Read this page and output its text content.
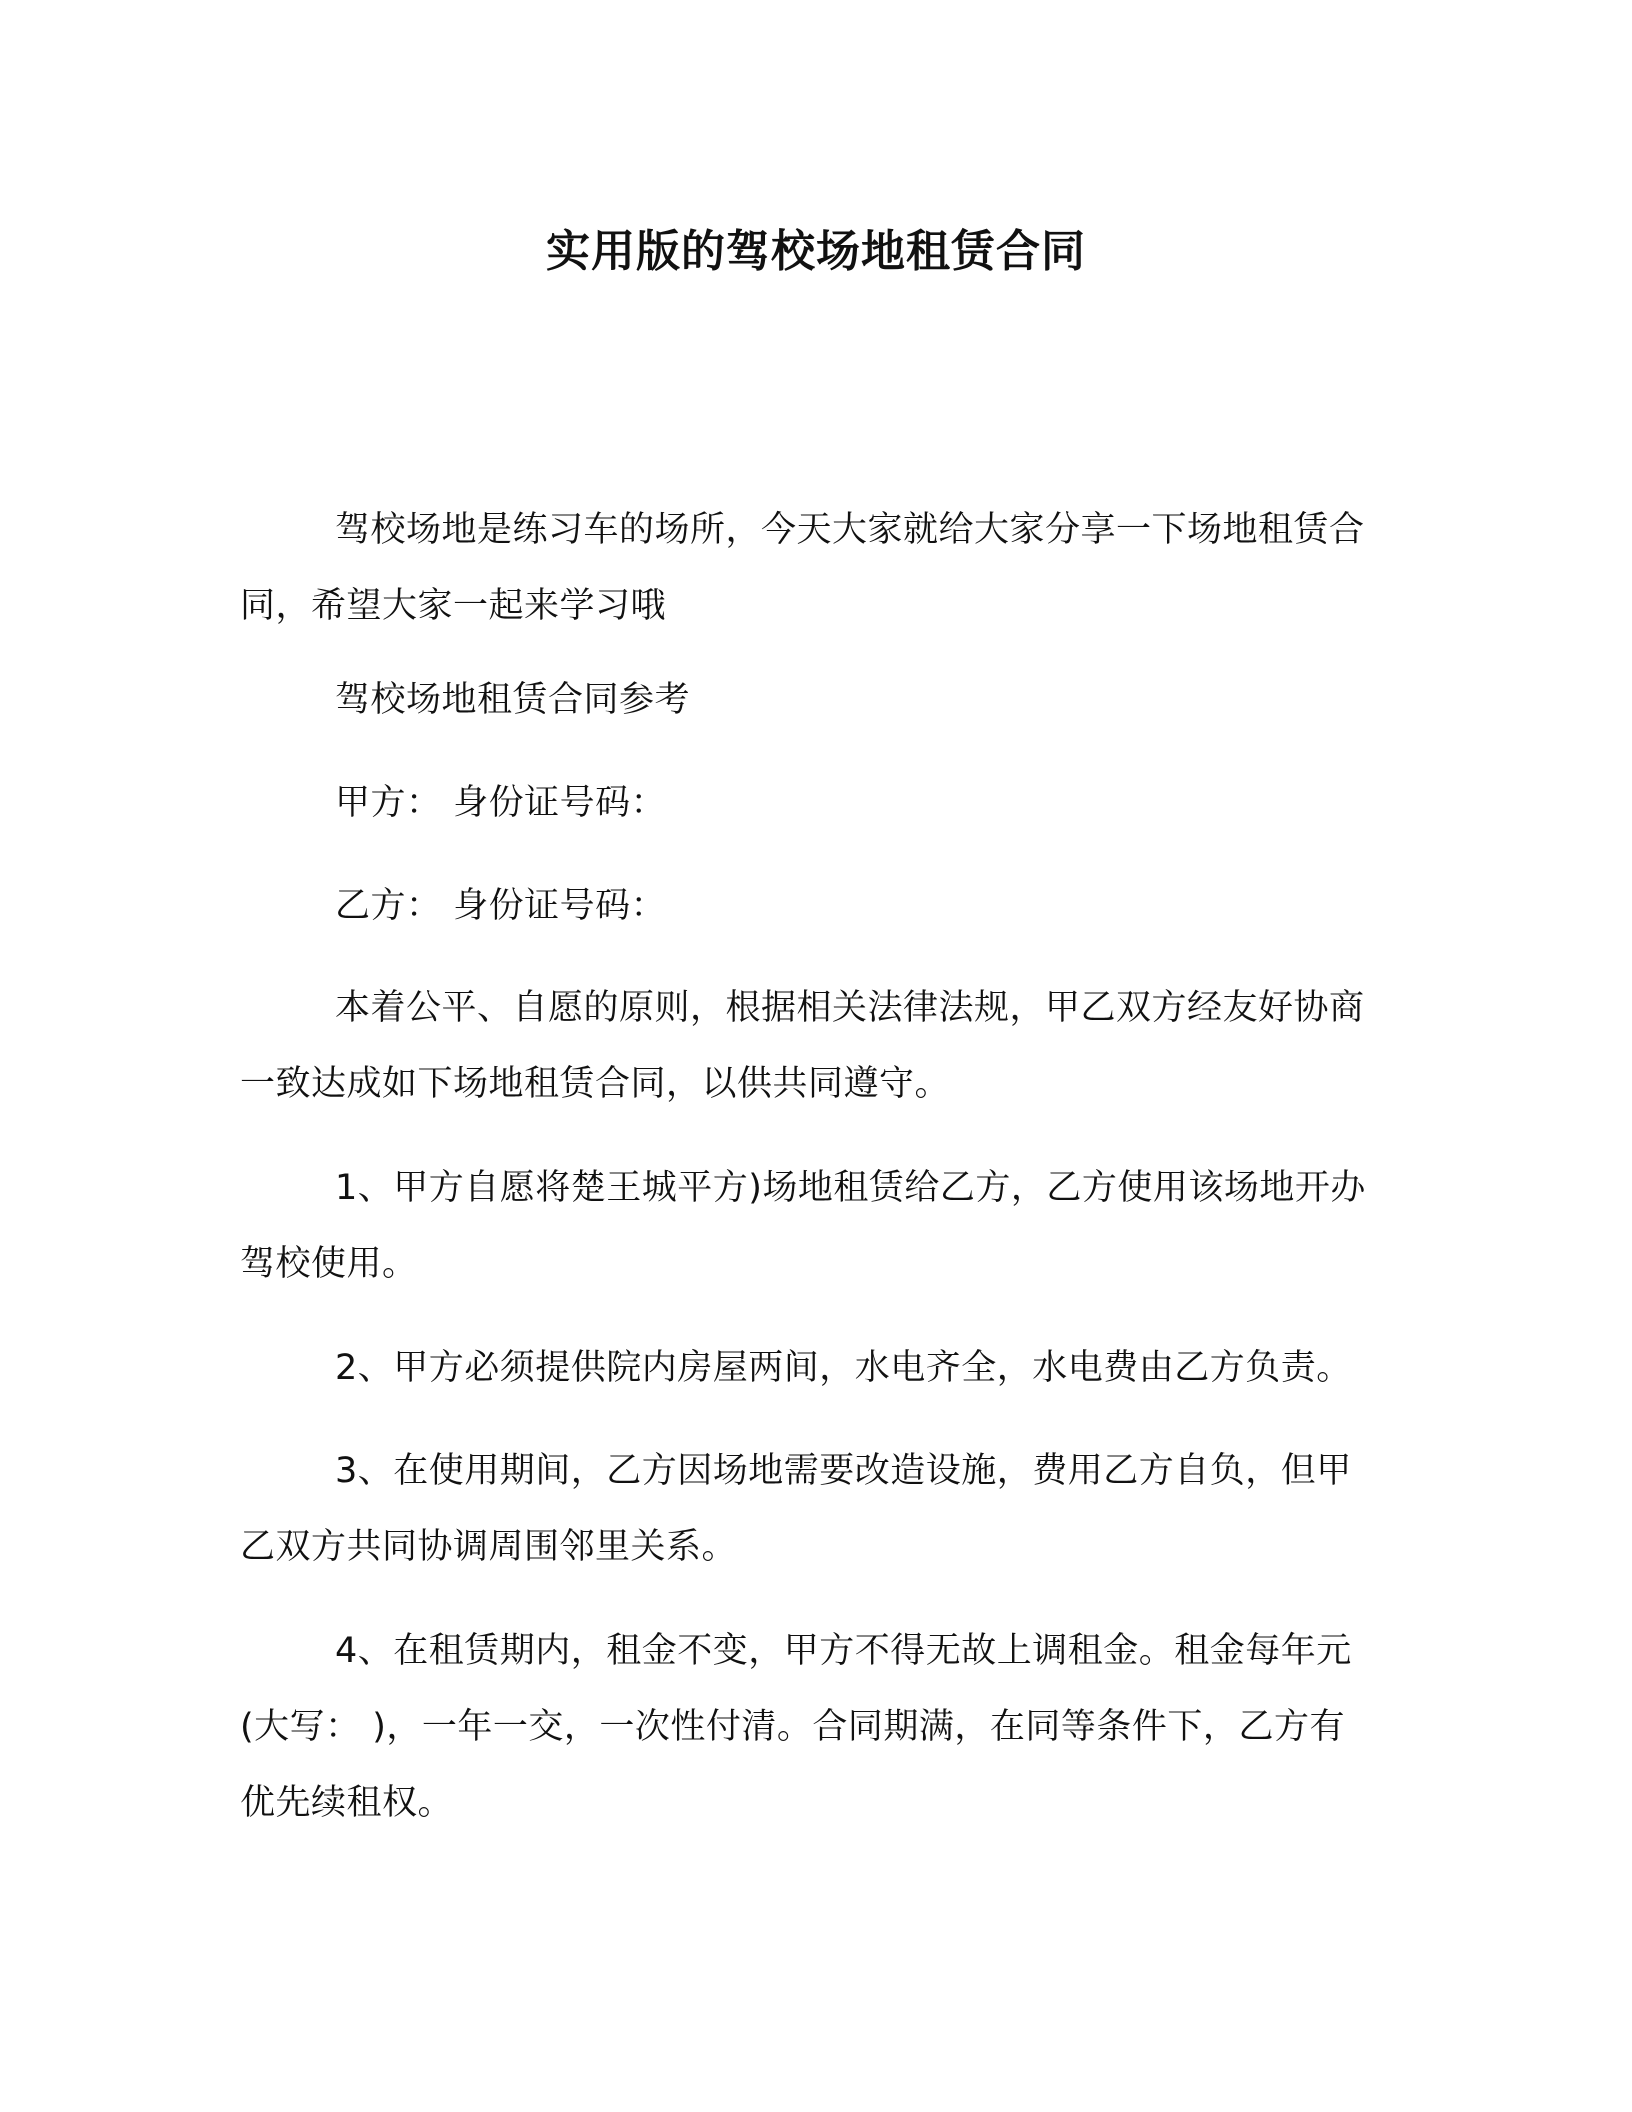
实用版的驾校场地租赁合同

驾校场地是练习车的场所，今天大家就给大家分享一下场地租赁合同，希望大家一起来学习哦

驾校场地租赁合同参考

甲方： 身份证号码：

乙方： 身份证号码：

本着公平、自愿的原则，根据相关法律法规，甲乙双方经友好协商一致达成如下场地租赁合同，以供共同遵守。

1、甲方自愿将楚王城平方)场地租赁给乙方，乙方使用该场地开办驾校使用。

2、甲方必须提供院内房屋两间，水电齐全，水电费由乙方负责。

3、在使用期间，乙方因场地需要改造设施，费用乙方自负，但甲乙双方共同协调周围邻里关系。

4、在租赁期内，租金不变，甲方不得无故上调租金。租金每年元(大写： )，一年一交，一次性付清。合同期满，在同等条件下，乙方有优先续租权。
